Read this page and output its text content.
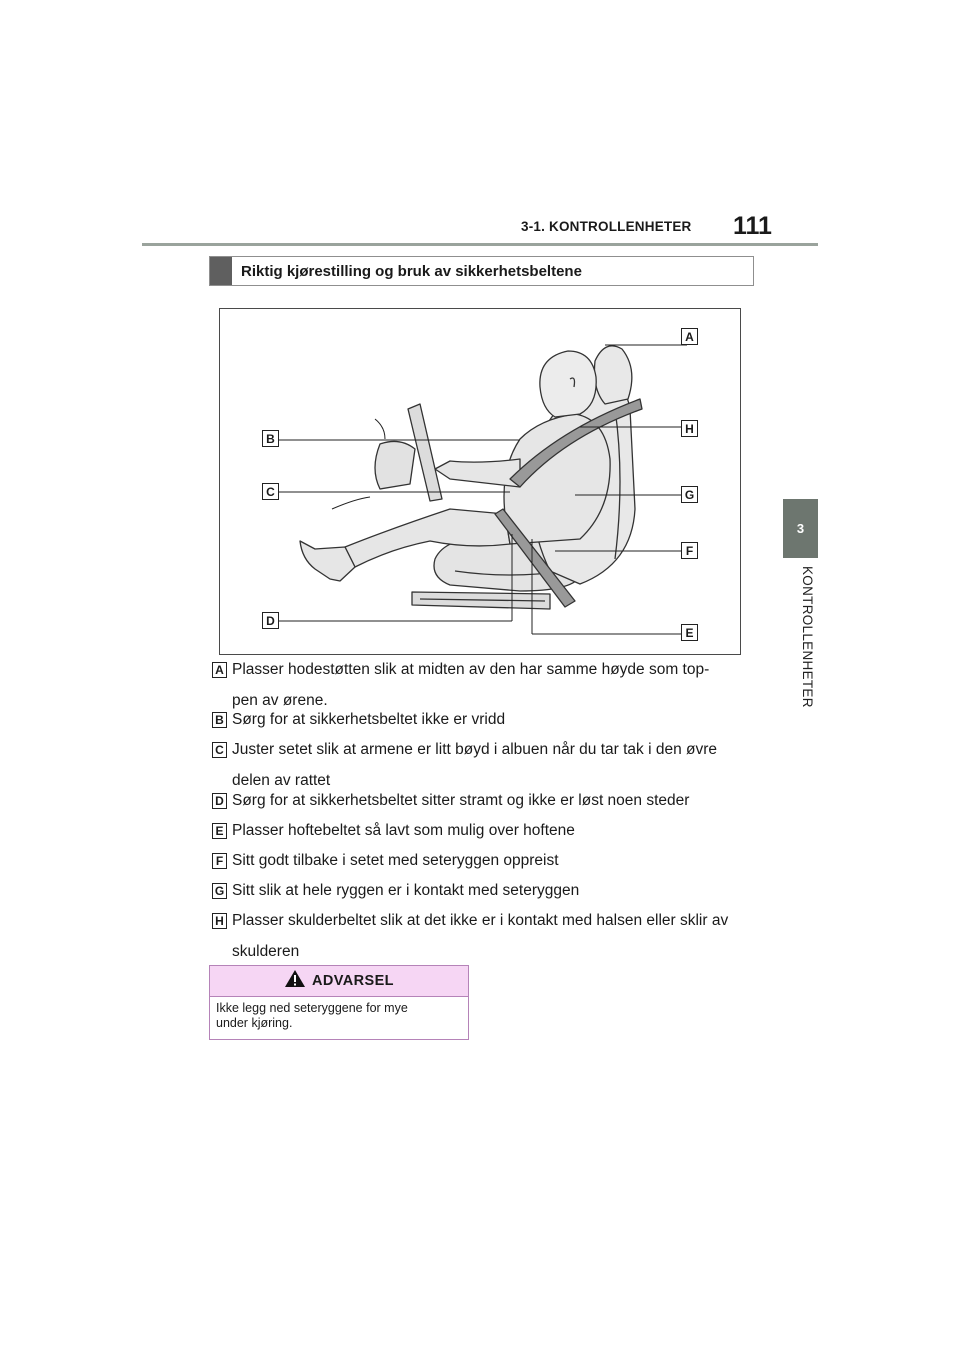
3-1. KONTROLLENHETER 111
3
KONTROLLENHETER
Riktig kjørestilling og bruk av sikkerhetsbeltene
A
B
H
C	G
F
D
E
A Plasser hodestøtten slik at midten av den har samme høyde som top-
pen av ørene.
B Sørg for at sikkerhetsbeltet ikke er vridd
C Juster setet slik at armene er litt bøyd i albuen når du tar tak i den øvre
delen av rattet
D Sørg for at sikkerhetsbeltet sitter stramt og ikke er løst noen steder
E Plasser hoftebeltet så lavt som mulig over hoftene
F Sitt godt tilbake i setet med seteryggen oppreist
G Sitt slik at hele ryggen er i kontakt med seteryggen
H Plasser skulderbeltet slik at det ikke er i kontakt med halsen eller sklir av
skulderen
ADVARSEL
Ikke legg ned seteryggene for mye
under kjøring.
